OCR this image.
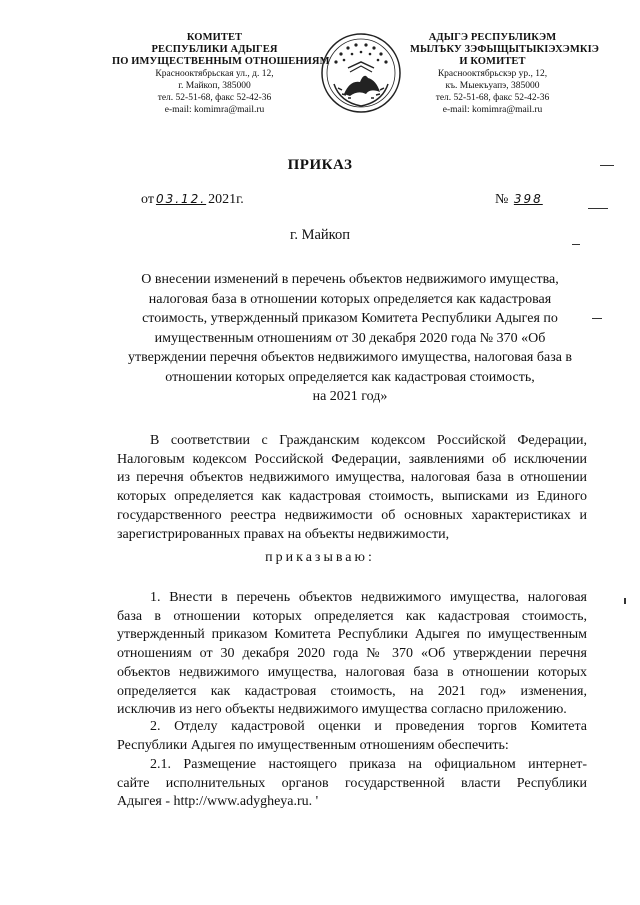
КОМИТЕТ
РЕСПУБЛИКИ АДЫГЕЯ
ПО ИМУЩЕСТВЕННЫМ ОТНОШЕНИЯМ
Краснооктябрьская ул., д. 12,
г. Майкоп, 385000
тел. 52-51-68, факс 52-42-36
e-mail: komimra@mail.ru
АДЫГЭ РЕСПУБЛИКЭМ
МЫЛЪКУ ЗЭФЫЩЫТЫКІЭХЭМКІЭ
И КОМИТЕТ
Краснооктябрьскэр ур., 12,
къ. Мыекъуапэ, 385000
тел. 52-51-68, факс 52-42-36
e-mail: komimra@mail.ru
ПРИКАЗ
от 03.12. 2021г.	№ 398
г. Майкоп
О внесении изменений в перечень объектов недвижимого имущества,
налоговая база в отношении которых определяется как кадастровая
стоимость, утвержденный приказом Комитета Республики Адыгея по
имущественным отношениям от 30 декабря 2020 года № 370 «Об
утверждении перечня объектов недвижимого имущества, налоговая база в
отношении которых определяется как кадастровая стоимость,
на 2021 год»
В соответствии с Гражданским кодексом Российской Федерации,
Налоговым кодексом Российской Федерации, заявлениями об исключении
из перечня объектов недвижимого имущества, налоговая база в отношении
которых определяется как кадастровая стоимость, выписками из Единого
государственного реестра недвижимости об основных характеристиках и
зарегистрированных правах на объекты недвижимости,
приказываю:
1. Внести в перечень объектов недвижимого имущества, налоговая
база в отношении которых определяется как кадастровая стоимость,
утвержденный приказом Комитета Республики Адыгея по имущественным
отношениям от 30 декабря 2020 года № 370 «Об утверждении перечня
объектов недвижимого имущества, налоговая база в отношении которых
определяется как кадастровая стоимость, на 2021 год» изменения,
исключив из него объекты недвижимого имущества согласно приложению.
2. Отделу кадастровой оценки и проведения торгов Комитета
Республики Адыгея по имущественным отношениям обеспечить:
2.1. Размещение настоящего приказа на официальном интернет-
сайте исполнительных органов государственной власти Республики
Адыгея - http://www.adygheya.ru. '
